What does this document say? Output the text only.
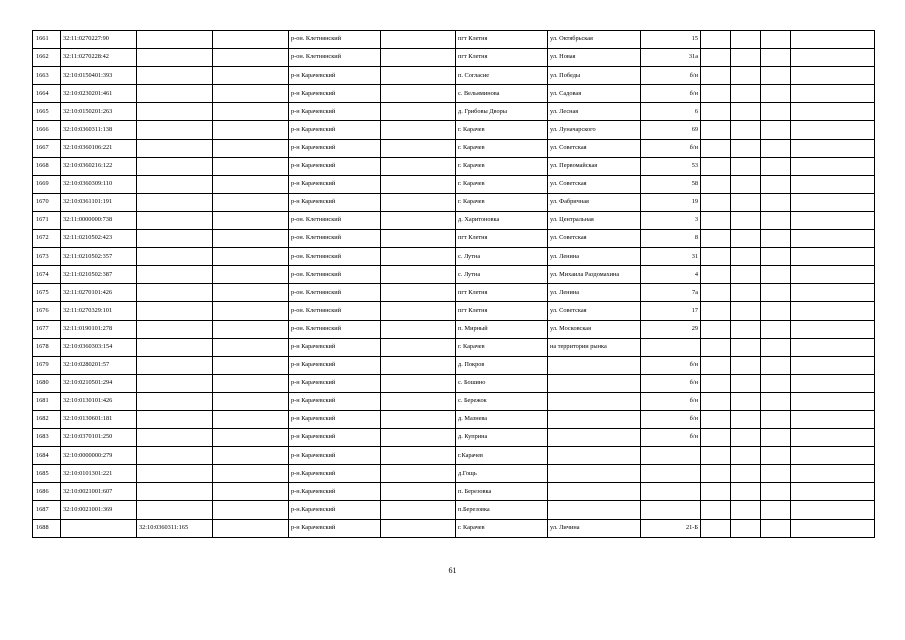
1661	32:11:0270227:90			р-он. Клетнянский		пгт Клетня	ул. Октябрьская	15				
1662	32:11:0270228:42			р-он. Клетнянский		пгт Клетня	ул. Новая	31а				
1663	32:10:0150401:393			р-н Карачевский		п. Согласие	ул. Победы	б/н				
1664	32:10:0230201:461			р-н Карачевский		с. Вельяминова	ул. Садовая	б/н				
1665	32:10:0150201:263			р-н Карачевский		д. Грибовы Дворы	ул. Лесная	6				
1666	32:10:0360311:138			р-н Карачевский		г. Карачев	ул. Луначарского	69				
1667	32:10:0360106:221			р-н Карачевский		г. Карачев	ул. Советская	б/н				
1668	32:10:0360216:122			р-н Карачевский		г. Карачев	ул. Первомайская	53				
1669	32:10:0360309:110			р-н Карачевский		г. Карачев	ул. Советская	58				
1670	32:10:0361101:191			р-н Карачевский		г. Карачев	ул. Фабричная	19				
1671	32:11:0000000:738			р-он. Клетнянский		д. Харитоновка	ул. Центральная	3				
1672	32:11:0210502:423			р-он. Клетнянский		пгт Клетня	ул. Советская	8				
1673	32:11:0210502:357			р-он. Клетнянский		с. Лутна	ул. Ленина	31				
1674	32:11:0210502:387			р-он. Клетнянский		с. Лутна	ул. Михаила Раздомахина	4				
1675	32:11:0270101:426			р-он. Клетнянский		пгт Клетня	ул. Ленина	7а				
1676	32:11:0270329:101			р-он. Клетнянский		пгт Клетня	ул. Советская	17				
1677	32:11:0190101:278			р-он. Клетнянский		п. Мирный	ул. Московская	29				
1678	32:10:0360303:154			р-н Карачевский		г. Карачев	на территории рынка					
1679	32:10:0280201:57			р-н Карачевский		д. Покров		б/н				
1680	32:10:0210501:294			р-н Карачевский		с. Бошино		б/н				
1681	32:10:0130101:426			р-н Карачевский		с. Бережок		б/н				
1682	32:10:0130601:181			р-н Карачевский		д. Мазнева		б/н				
1683	32:10:0370101:250			р-н Карачевский		д. Куприна		б/н				
1684	32:10:0000000:279			р-н Карачевский		г.Карачев						
1685	32:10:0101301:221			р-н.Карачевский		д.Гощь						
1686	32:10:0021001:607			р-н.Карачевский		п. Березовка						
1687	32:10:0021001:369			р-н.Карачевский		п.Березовка						
1688		32:10:0360311:165		р-н Карачевский		г. Карачев	ул. Личина	21-Б				
61
